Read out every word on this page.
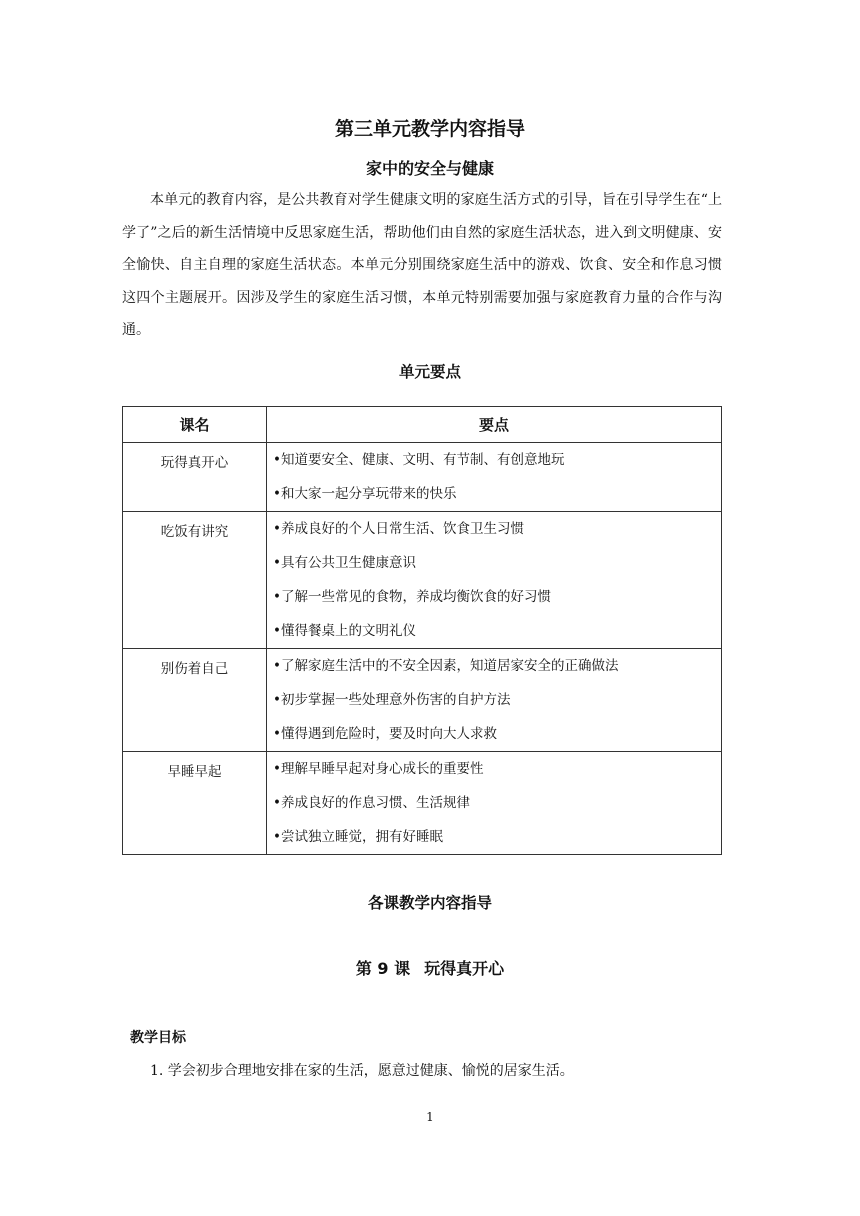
第三单元教学内容指导
家中的安全与健康

本单元的教育内容，是公共教育对学生健康文明的家庭生活方式的引导，旨在引导学生在“上学了”之后的新生活情境中反思家庭生活，帮助他们由自然的家庭生活状态，进入到文明健康、安全愉快、自主自理的家庭生活状态。本单元分别围绕家庭生活中的游戏、饮食、安全和作息习惯这四个主题展开。因涉及学生的家庭生活习惯，本单元特别需要加强与家庭教育力量的合作与沟通。

单元要点
课名	要点
玩得真开心	•知道要安全、健康、文明、有节制、有创意地玩
•和大家一起分享玩带来的快乐

吃饭有讲究	•养成良好的个人日常生活、饮食卫生习惯
•具有公共卫生健康意识
•了解一些常见的食物，养成均衡饮食的好习惯
•懂得餐桌上的文明礼仪

别伤着自己	•了解家庭生活中的不安全因素，知道居家安全的正确做法
•初步掌握一些处理意外伤害的自护方法
•懂得遇到危险时，要及时向大人求救

早睡早起	•理解早睡早起对身心成长的重要性
•养成良好的作息习惯、生活规律
•尝试独立睡觉，拥有好睡眠
各课教学内容指导
第 9 课 玩得真开心
教学目标
1. 学会初步合理地安排在家的生活，愿意过健康、愉悦的居家生活。
1
